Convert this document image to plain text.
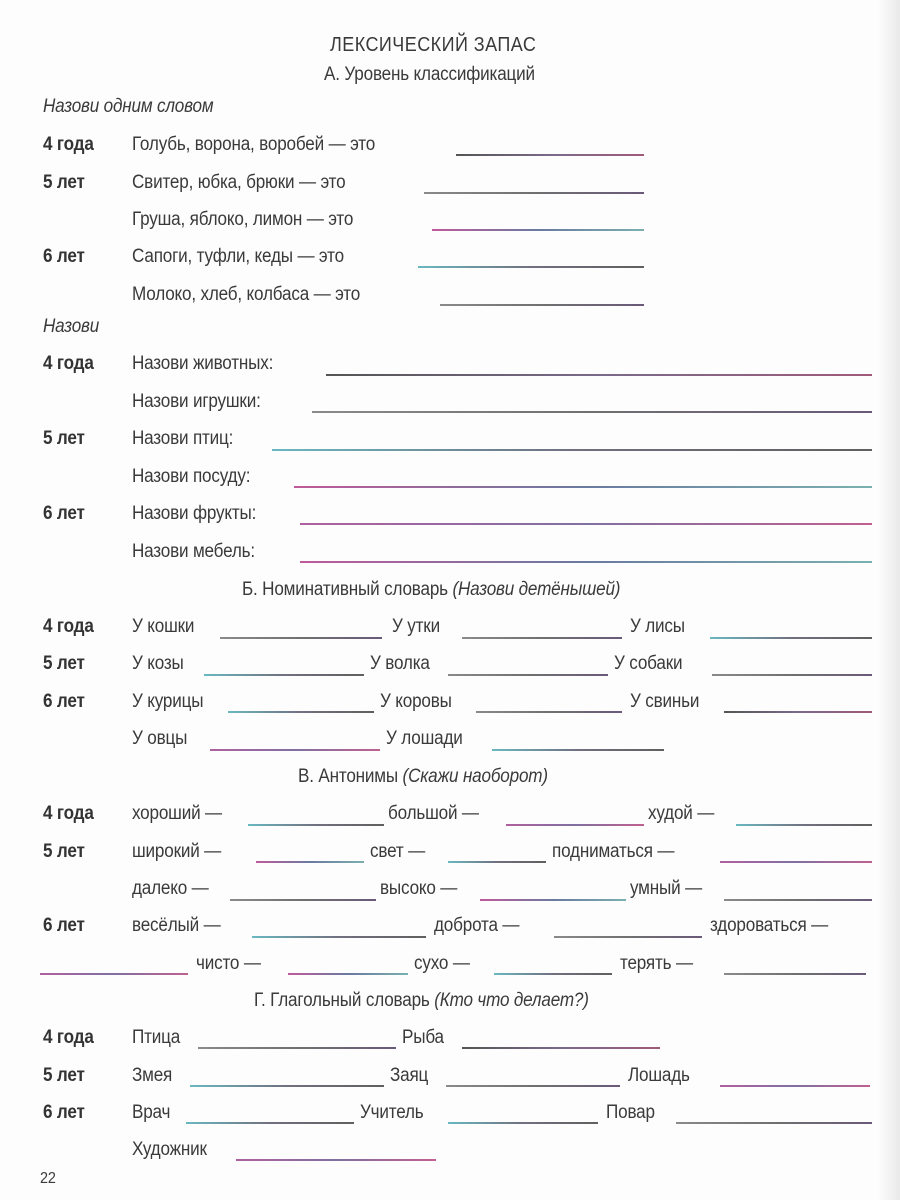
ЛЕКСИЧЕСКИЙ ЗАПАС
А. Уровень классификаций
Назови одним словом
4 года Голубь, ворона, воробей — это
5 лет Свитер, юбка, брюки — это
Груша, яблоко, лимон — это
6 лет Сапоги, туфли, кеды — это
Молоко, хлеб, колбаса — это
Назови
4 года Назови животных:
Назови игрушки:
5 лет Назови птиц:
Назови посуду:
6 лет Назови фрукты:
Назови мебель:
Б. Номинативный словарь (Назови детёнышей)
4 года У кошки	У утки	У лисы
5 лет У козы	У волка	У собаки
6 лет У курицы	У коровы	У свиньи
У овцы	У лошади
В. Антонимы (Скажи наоборот)
4 года хороший —	большой —	худой —
5 лет широкий —	свет —	подниматься —
далеко —	высоко —	умный —
6 лет весёлый —	доброта —	здороваться —
чисто —	сухо —	терять —
Г. Глагольный словарь (Кто что делает?)
4 года Птица	Рыба
5 лет Змея	Заяц	Лошадь
6 лет Врач	Учитель	Повар
Художник
22
